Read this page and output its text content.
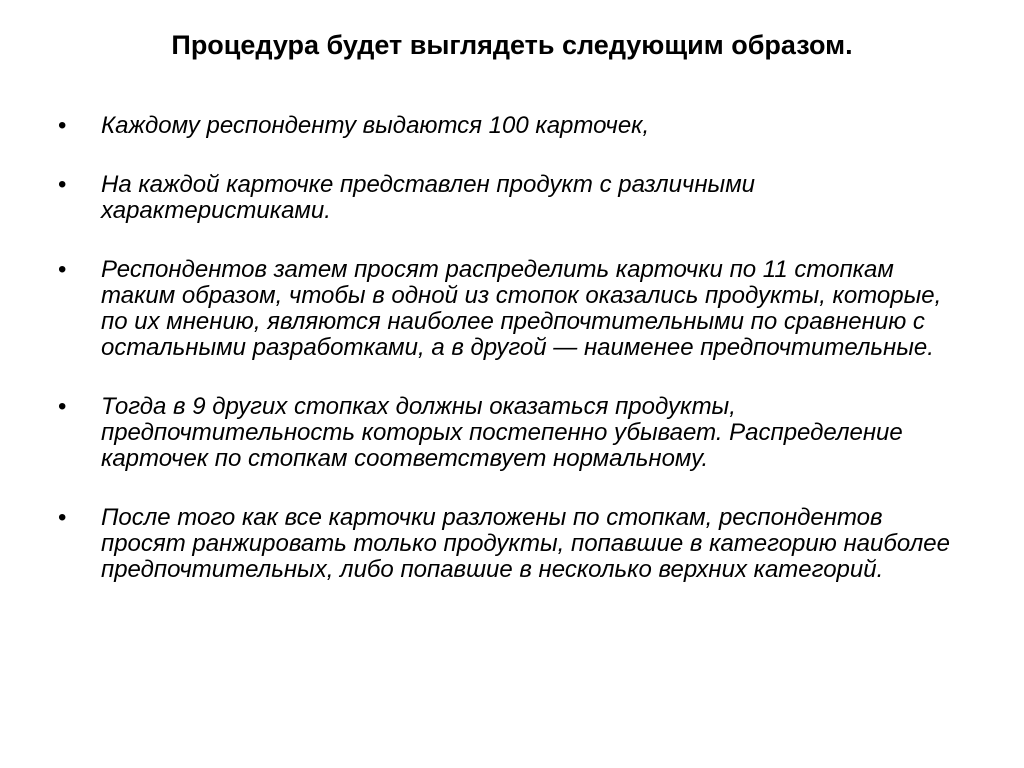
Процедура будет выглядеть следующим образом.
• Каждому респонденту выдаются 100 карточек,
• На каждой карточке представлен продукт с различными характеристиками.
• Респондентов затем просят распределить карточки по 11 стопкам таким образом, чтобы в одной из стопок оказались продукты, которые, по их мнению, являются наиболее предпочтительными по сравнению с остальными разработками, а в другой — наименее предпочтительные.
• Тогда в 9 других стопках должны оказаться продукты, предпочтительность которых постепенно убывает. Распределение карточек по стопкам соответствует нормальному.
• После того как все карточки разложены по стопкам, респондентов просят ранжировать только продукты, попавшие в категорию наиболее предпочтительных, либо попавшие в несколько верхних категорий.
